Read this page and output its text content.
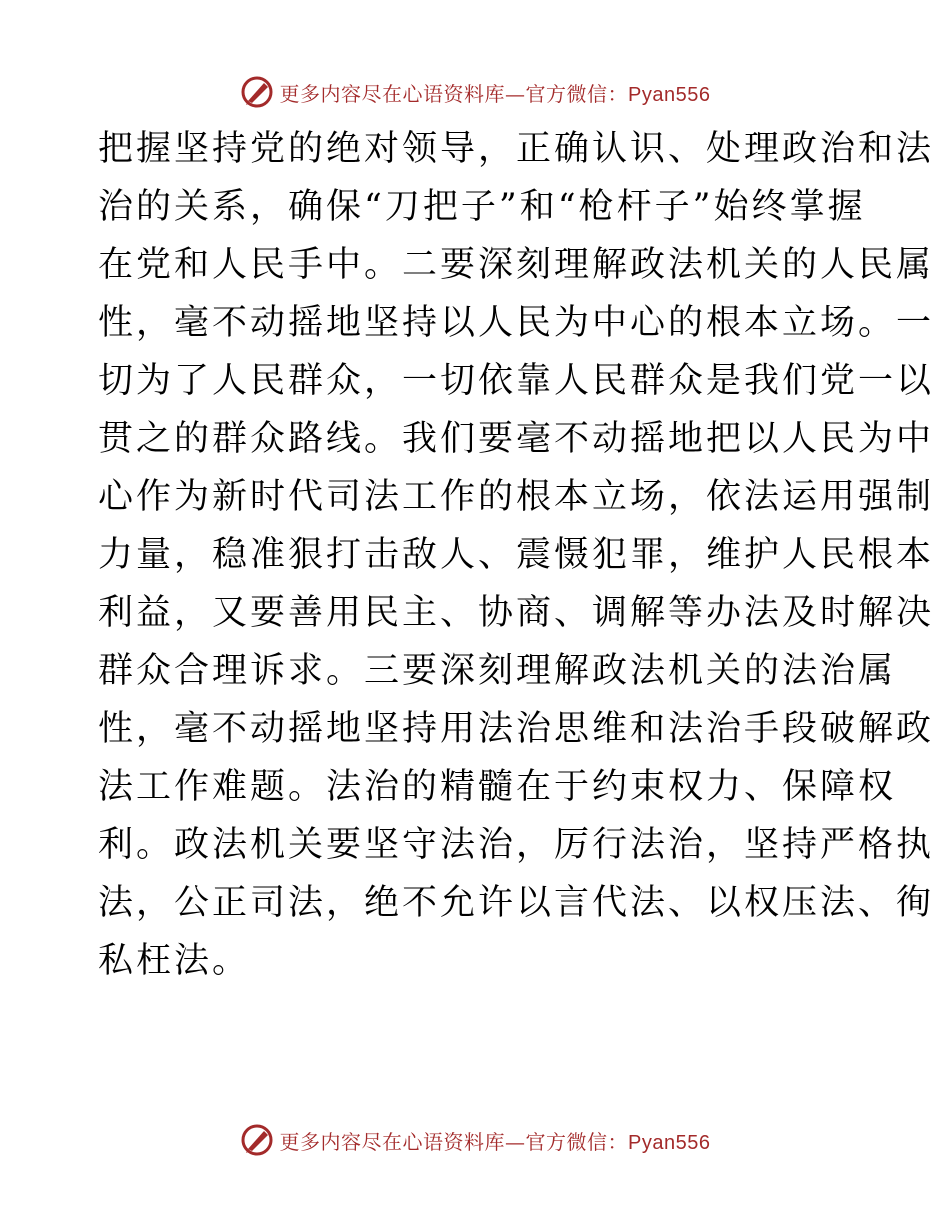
更多内容尽在心语资料库—官方微信：Pyan556
把握坚持党的绝对领导，正确认识、处理政治和法
治的关系，确保“刀把子”和“枪杆子”始终掌握
在党和人民手中。二要深刻理解政法机关的人民属
性，毫不动摇地坚持以人民为中心的根本立场。一
切为了人民群众，一切依靠人民群众是我们党一以
贯之的群众路线。我们要毫不动摇地把以人民为中
心作为新时代司法工作的根本立场，依法运用强制
力量，稳准狠打击敌人、震慑犯罪，维护人民根本
利益，又要善用民主、协商、调解等办法及时解决
群众合理诉求。三要深刻理解政法机关的法治属
性，毫不动摇地坚持用法治思维和法治手段破解政
法工作难题。法治的精髓在于约束权力、保障权
利。政法机关要坚守法治，厉行法治，坚持严格执
法，公正司法，绝不允许以言代法、以权压法、徇
私枉法。
更多内容尽在心语资料库—官方微信：Pyan556
